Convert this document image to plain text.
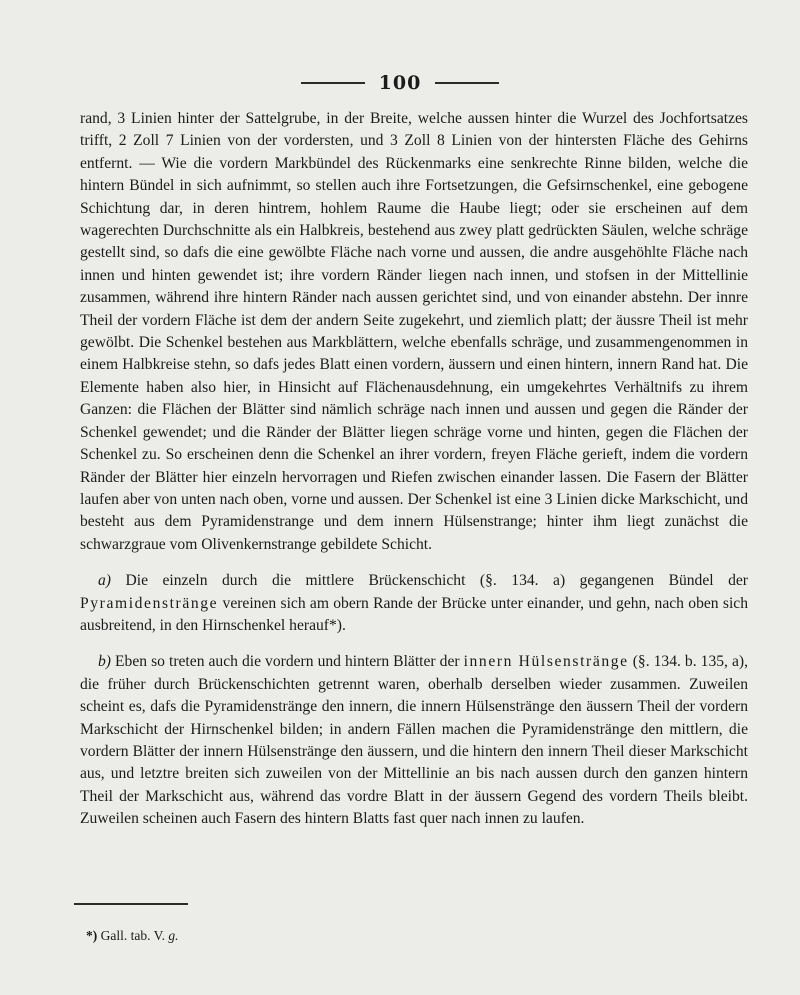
100

rand, 3 Linien hinter der Sattelgrube, in der Breite, welche aussen hinter die Wurzel des Jochfortsatzes trifft, 2 Zoll 7 Linien von der vordersten, und 3 Zoll 8 Linien von der hintersten Fläche des Gehirns entfernt. — Wie die vordern Markbündel des Rückenmarks eine senkrechte Rinne bilden, welche die hintern Bündel in sich aufnimmt, so stellen auch ihre Fortsetzungen, die Gefsirnschenkel, eine gebogene Schichtung dar, in deren hintrem, hohlem Raume die Haube liegt; oder sie erscheinen auf dem wagerechten Durchschnitte als ein Halbkreis, bestehend aus zwey platt gedrückten Säulen, welche schräge gestellt sind, so dafs die eine gewölbte Fläche nach vorne und aussen, die andre ausgehöhlte Fläche nach innen und hinten gewendet ist; ihre vordern Ränder liegen nach innen, und stofsen in der Mittellinie zusammen, während ihre hintern Ränder nach aussen gerichtet sind, und von einander abstehn. Der innre Theil der vordern Fläche ist dem der andern Seite zugekehrt, und ziemlich platt; der äussre Theil ist mehr gewölbt. Die Schenkel bestehen aus Markblättern, welche ebenfalls schräge, und zusammengenommen in einem Halbkreise stehn, so dafs jedes Blatt einen vordern, äussern und einen hintern, innern Rand hat. Die Elemente haben also hier, in Hinsicht auf Flächenausdehnung, ein umgekehrtes Verhältnifs zu ihrem Ganzen: die Flächen der Blätter sind nämlich schräge nach innen und aussen und gegen die Ränder der Schenkel gewendet; und die Ränder der Blätter liegen schräge vorne und hinten, gegen die Flächen der Schenkel zu. So erscheinen denn die Schenkel an ihrer vordern, freyen Fläche gerieft, indem die vordern Ränder der Blätter hier einzeln hervorragen und Riefen zwischen einander lassen. Die Fasern der Blätter laufen aber von unten nach oben, vorne und aussen. Der Schenkel ist eine 3 Linien dicke Markschicht, und besteht aus dem Pyramidenstrange und dem innern Hülsenstrange; hinter ihm liegt zunächst die schwarzgraue vom Olivenkernstrange gebildete Schicht.

a) Die einzeln durch die mittlere Brückenschicht (§. 134. a) gegangenen Bündel der Pyramidenstränge vereinen sich am obern Rande der Brücke unter einander, und gehn, nach oben sich ausbreitend, in den Hirnschenkel herauf*).

b) Eben so treten auch die vordern und hintern Blätter der innern Hülsenstränge (§. 134. b. 135, a), die früher durch Brückenschichten getrennt waren, oberhalb derselben wieder zusammen. Zuweilen scheint es, dafs die Pyramidenstränge den innern, die innern Hülsenstränge den äussern Theil der vordern Markschicht der Hirnschenkel bilden; in andern Fällen machen die Pyramidenstränge den mittlern, die vordern Blätter der innern Hülsenstränge den äussern, und die hintern den innern Theil dieser Markschicht aus, und letztre breiten sich zuweilen von der Mittellinie an bis nach aussen durch den ganzen hintern Theil der Markschicht aus, während das vordre Blatt in der äussern Gegend des vordern Theils bleibt. Zuweilen scheinen auch Fasern des hintern Blatts fast quer nach innen zu laufen.

*) Gall. tab. V. g.
